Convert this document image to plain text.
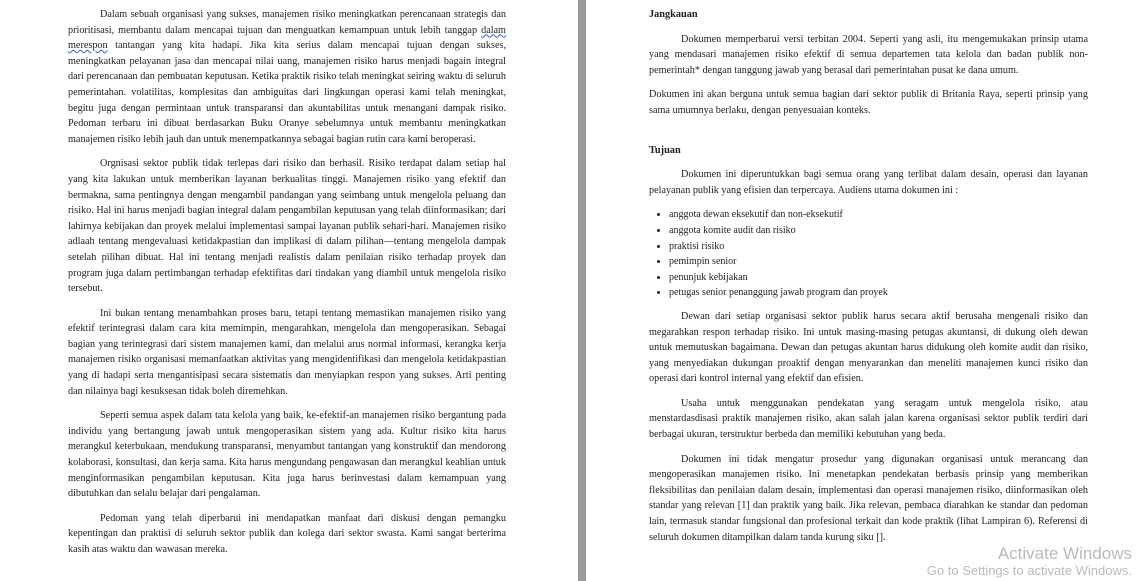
Dalam sebuah organisasi yang sukses, manajemen risiko meningkatkan perencanaan strategis dan prioritisasi, membantu dalam mencapai tujuan dan menguatkan kemampuan untuk lebih tanggap dalam merespon tantangan yang kita hadapi. Jika kita serius dalam mencapai tujuan dengan sukses, meningkatkan pelayanan jasa dan mencapai nilai uang, manajemen risiko harus menjadi bagain integral dari perencanaan dan pembuatan keputusan. Ketika praktik risiko telah meningkat seiring waktu di seluruh pemerintahan. volatilitas, komplesitas dan ambiguitas dari lingkungan operasi kami telah meningkat, begitu juga dengan permintaan untuk transparansi dan akuntabilitas untuk menangani dampak risiko. Pedoman terbaru ini dibuat berdasarkan Buku Oranye sebelumnya untuk membantu meningkatkan manajemen risiko lebih jauh dan untuk menempatkannya sebagai bagian rutin cara kami beroperasi.

Orgnisasi sektor publik tidak terlepas dari risiko dan berhasil. Risiko terdapat dalam setiap hal yang kita lakukan untuk memberikan layanan berkualitas tinggi. Manajemen risiko yang efektif dan bermakna, sama pentingnya dengan mengambil pandangan yang seimbang untuk mengelola peluang dan risiko. Hal ini harus menjadi bagian integral dalam pengambilan keputusan yang telah diinformasikan; dari lahirnya kebijakan dan proyek melalui implementasi sampai layanan publik sehari-hari. Manajemen risiko adlaah tentang mengevaluasi ketidakpastian dan implikasi di dalam pilihan—tentang mengelola dampak setelah pilihan dibuat. Hal ini tentang menjadi realistis dalam penilaian risiko terhadap proyek dan program juga dalam pertimbangan terhadap efektifitas dari tindakan yang diambil untuk mengelola risiko tersebut.

Ini bukan tentang menambahkan proses baru, tetapi tentang memastikan manajemen risiko yang efektif terintegrasi dalam cara kita memimpin, mengarahkan, mengelola dan mengoperasikan. Sebagai bagian yang terintegrasi dari sistem manajemen kami, dan melalui arus normal informasi, kerangka kerja manajemen risiko organisasi memanfaatkan aktivitas yang mengidentifikasi dan mengelola ketidakpastian yang di hadapi serta mengantisipasi secara sistematis dan menyiapkan respon yang sukses. Arti penting dan nilainya bagi kesuksesan tidak boleh diremehkan.

Seperti semua aspek dalam tata kelola yang baik, ke-efektif-an manajemen risiko bergantung pada individu yang bertangung jawab untuk mengoperasikan sistem yang ada. Kultur risiko kita harus merangkul keterbukaan, mendukung transparansi, menyambut tantangan yang konstruktif dan mendorong kolaborasi, konsultasi, dan kerja sama. Kita harus mengundang pengawasan dan merangkul keahlian untuk menginformasikan pengambilan keputusan. Kita juga harus berinvestasi dalam kemampuan yang dibutuhkan dan selalu belajar dari pengalaman.

Pedoman yang telah diperbarui ini mendapatkan manfaat dari diskusi dengan pemangku kepentingan dan praktisi di seluruh sektor publik dan kolega dari sektor swasta. Kami sangat berterima kasih atas waktu dan wawasan mereka.

Jangkauan

Dokumen memperbarui versi terbitan 2004. Seperti yang asli, itu mengemukakan prinsip utama yang mendasari manajemen risiko efektif di semua departemen tata kelola dan badan publik non-pemerintah* dengan tanggung jawab yang berasal dari pemerintahan pusat ke dana umum.

Dokumen ini akan berguna untuk semua bagian dari sektor publik di Britania Raya, seperti prinsip yang sama umumnya berlaku, dengan penyesuaian konteks.

Tujuan

Dokumen ini diperuntukkan bagi semua orang yang terlibat dalam desain, operasi dan layanan pelayanan publik yang efisien dan terpercaya. Audiens utama dokumen ini :

• anggota dewan eksekutif dan non-eksekutif
• anggota komite audit dan risiko
• praktisi risiko
• pemimpin senior
• penunjuk kebijakan
• petugas senior penanggung jawab program dan proyek

Dewan dari setiap organisasi sektor publik harus secara aktif berusaha mengenali risiko dan megarahkan respon terhadap risiko. Ini untuk masing-masing petugas akuntansi, di dukung oleh dewan untuk memutuskan bagaimana. Dewan dan petugas akuntan harus didukung oleh komite audit dan risiko, yang menyediakan dukungan proaktif dengan menyarankan dan meneliti manajemen kunci risiko dan operasi dari kontrol internal yang efektif dan efisien.

Usaha untuk menggunakan pendekatan yang seragam untuk mengelola risiko, atau menstardasdisasi praktik manajemen risiko, akan salah jalan karena organisasi sektor publik terdiri dari berbagai ukuran, terstruktur berbeda dan memiliki kebutuhan yang beda.

Dokumen ini tidak mengatur prosedur yang digunakan organisasi untuk merancang dan mengoperasikan manajemen risiko. Ini menetapkan pendekatan berbasis prinsip yang memberikan fleksibilitas dan penilaian dalam desain, implementasi dan operasi manajemen risiko, diinformasikan oleh standar yang relevan [1] dan praktik yang baik. Jika relevan, pembaca diarahkan ke standar dan pedoman lain, termasuk standar fungsional dan profesional terkait dan kode praktik (lihat Lampiran 6). Referensi di seluruh dokumen ditampilkan dalam tanda kurung siku [].

Activate Windows
Go to Settings to activate Windows.
